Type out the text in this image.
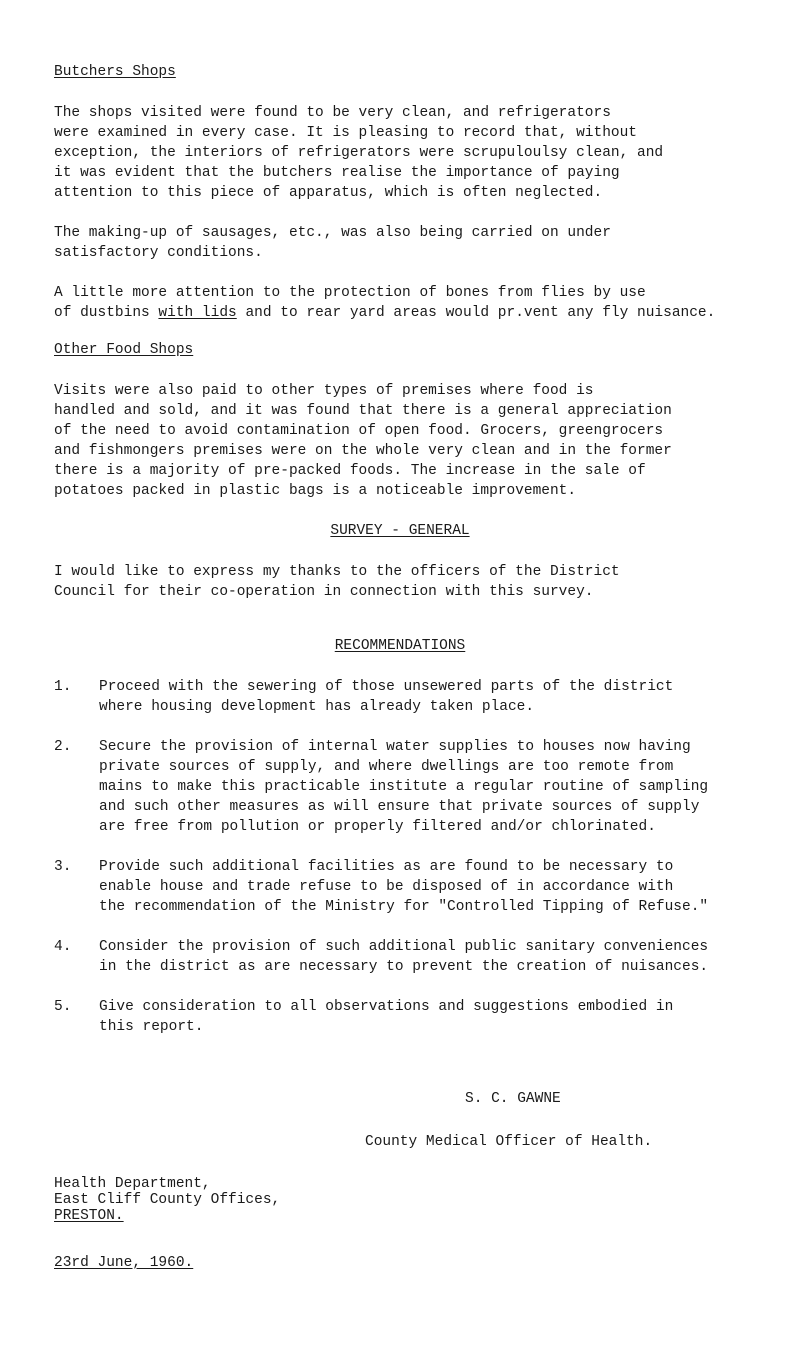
Butchers Shops
The shops visited were found to be very clean, and refrigerators
were examined in every case. It is pleasing to record that, without
exception, the interiors of refrigerators were scrupuloulsy clean, and
it was evident that the butchers realise the importance of paying
attention to this piece of apparatus, which is often neglected.
The making-up of sausages, etc., was also being carried on under
satisfactory conditions.
A little more attention to the protection of bones from flies by use
of dustbins with lids and to rear yard areas would pr.vent any fly nuisance.
Other Food Shops
Visits were also paid to other types of premises where food is
handled and sold, and it was found that there is a general appreciation
of the need to avoid contamination of open food. Grocers, greengrocers
and fishmongers premises were on the whole very clean and in the former
there is a majority of pre-packed foods. The increase in the sale of
potatoes packed in plastic bags is a noticeable improvement.
SURVEY - GENERAL
I would like to express my thanks to the officers of the District
Council for their co-operation in connection with this survey.
RECOMMENDATIONS
1. Proceed with the sewering of those unsewered parts of the district
where housing development has already taken place.
2. Secure the provision of internal water supplies to houses now having
private sources of supply, and where dwellings are too remote from
mains to make this practicable institute a regular routine of sampling
and such other measures as will ensure that private sources of supply
are free from pollution or properly filtered and/or chlorinated.
3. Provide such additional facilities as are found to be necessary to
enable house and trade refuse to be disposed of in accordance with
the recommendation of the Ministry for "Controlled Tipping of Refuse."
4. Consider the provision of such additional public sanitary conveniences
in the district as are necessary to prevent the creation of nuisances.
5. Give consideration to all observations and suggestions embodied in
this report.
S. C. GAWNE
County Medical Officer of Health.
Health Department,
East Cliff County Offices,
PRESTON.
23rd June, 1960.
